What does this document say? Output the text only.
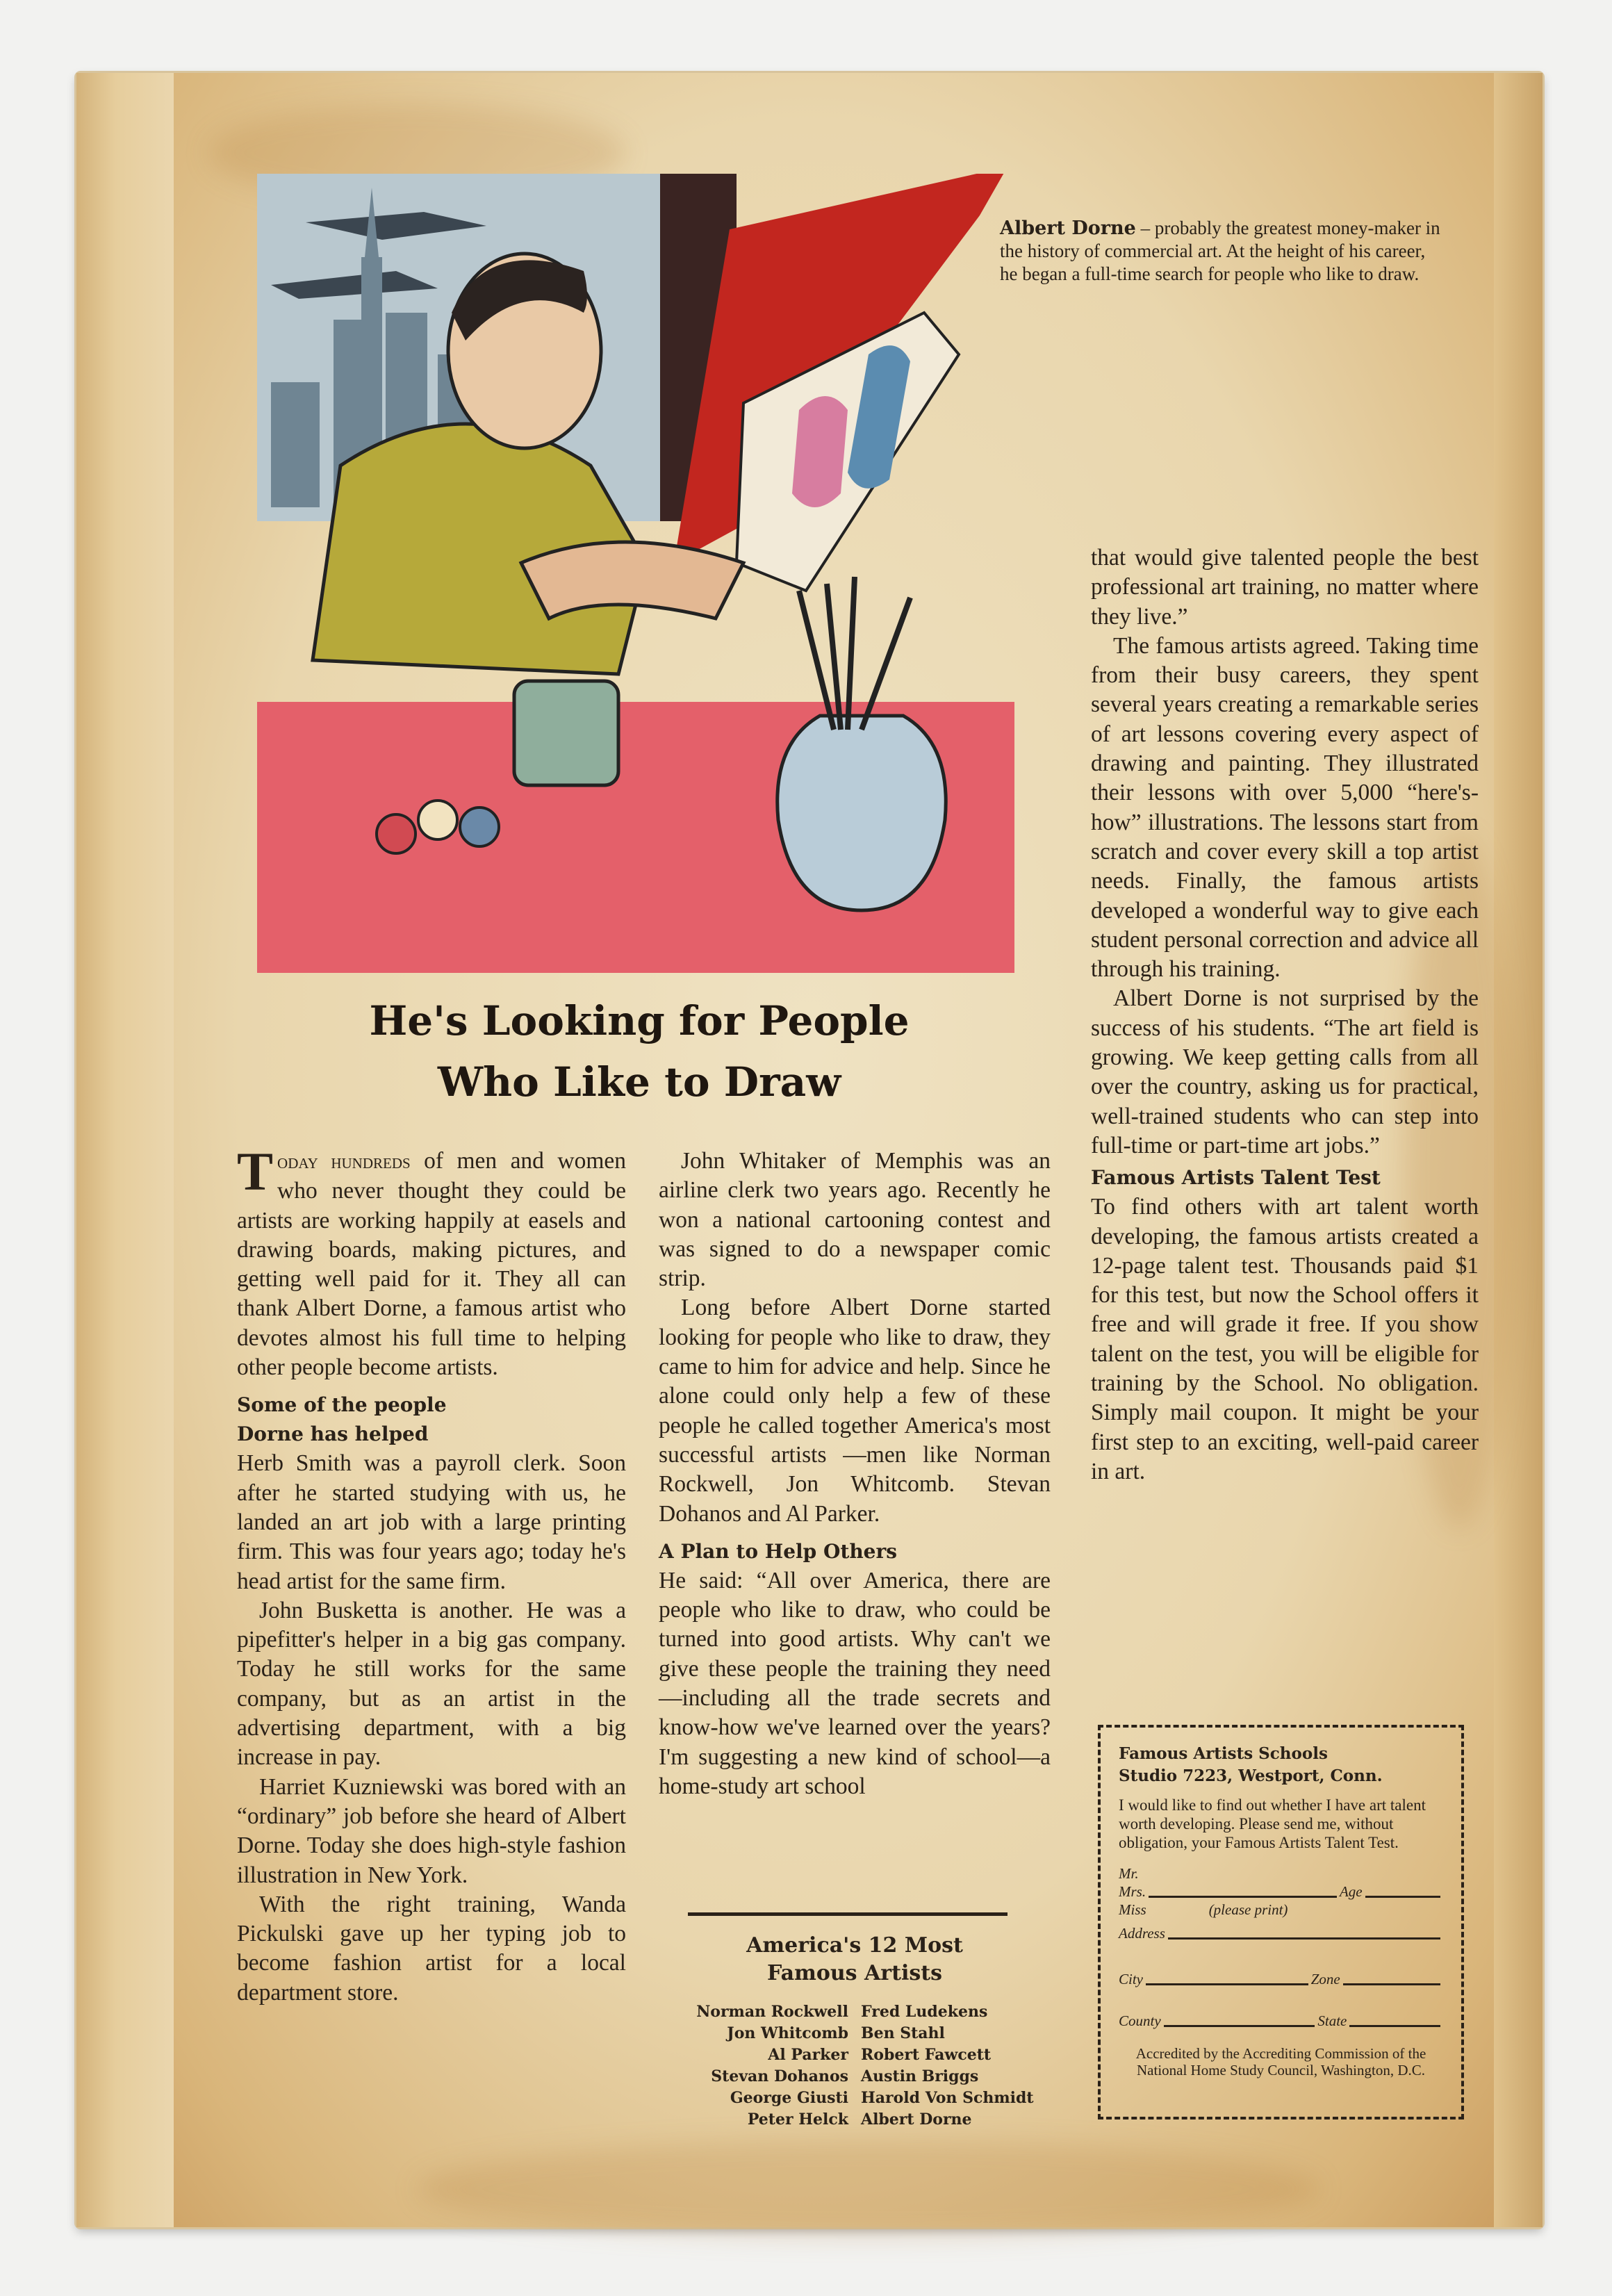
Albert Dorne – probably the greatest money-maker in the history of commercial art. At the height of his career, he began a full-time search for people who like to draw.
He's Looking for People
Who Like to Draw

Today hundreds of men and women who never thought they could be artists are working happily at easels and drawing boards, making pictures, and getting well paid for it. They all can thank Albert Dorne, a famous artist who devotes almost his full time to helping other people become artists.

Some of the people
Dorne has helped

Herb Smith was a payroll clerk. Soon after he started studying with us, he landed an art job with a large printing firm. This was four years ago; today he's head artist for the same firm.

John Busketta is another. He was a pipefitter's helper in a big gas company. Today he still works for the same company, but as an artist in the advertising department, with a big increase in pay.

Harriet Kuzniewski was bored with an “ordinary” job before she heard of Albert Dorne. Today she does high-style fashion illustration in New York.

With the right training, Wanda Pickulski gave up her typing job to become fashion artist for a local department store.

John Whitaker of Memphis was an airline clerk two years ago. Recently he won a national cartooning contest and was signed to do a newspaper comic strip.

Long before Albert Dorne started looking for people who like to draw, they came to him for advice and help. Since he alone could only help a few of these people he called together America's most successful artists —men like Norman Rockwell, Jon Whitcomb. Stevan Dohanos and Al Parker.

A Plan to Help Others

He said: “All over America, there are people who like to draw, who could be turned into good artists. Why can't we give these people the training they need—including all the trade secrets and know-how we've learned over the years? I'm suggesting a new kind of school—a home-study art school

America's 12 Most
Famous Artists
Norman Rockwell Fred Ludekens
Jon Whitcomb Ben Stahl
Al Parker Robert Fawcett
Stevan Dohanos Austin Briggs
George Giusti Harold Von Schmidt
Peter Helck Albert Dorne

that would give talented people the best professional art training, no matter where they live.”

The famous artists agreed. Taking time from their busy careers, they spent several years creating a remarkable series of art lessons covering every aspect of drawing and painting. They illustrated their lessons with over 5,000 “here's-how” illustrations. The lessons start from scratch and cover every skill a top artist needs. Finally, the famous artists developed a wonderful way to give each student personal correction and advice all through his training.

Albert Dorne is not surprised by the success of his students. “The art field is growing. We keep getting calls from all over the country, asking us for practical, well-trained students who can step into full-time or part-time art jobs.”

Famous Artists Talent Test

To find others with art talent worth developing, the famous artists created a 12-page talent test. Thousands paid $1 for this test, but now the School offers it free and will grade it free. If you show talent on the test, you will be eligible for training by the School. No obligation. Simply mail coupon. It might be your first step to an exciting, well-paid career in art.

Famous Artists Schools
Studio 7223, Westport, Conn.
I would like to find out whether I have art talent worth developing. Please send me, without obligation, your Famous Artists Talent Test.
Mr.
Mrs.	Age
Miss	(please print)
Address
City	Zone
County	State
Accredited by the Accrediting Commission of the National Home Study Council, Washington, D.C.
